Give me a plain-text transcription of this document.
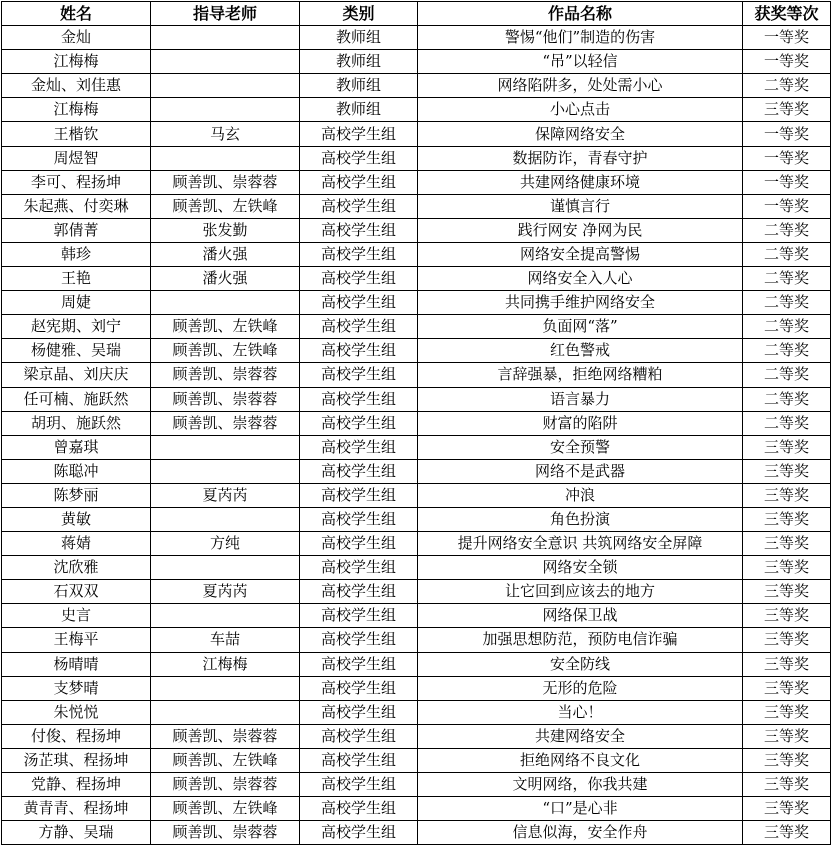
姓名	指导老师	类别	作品名称	获奖等次
金灿		教师组	警惕“他们”制造的伤害	一等奖
江梅梅		教师组	“吊”以轻信	一等奖
金灿、刘佳惠		教师组	网络陷阱多，处处需小心	二等奖
江梅梅		教师组	小心点击	三等奖
王楷钦	马玄	高校学生组	保障网络安全	一等奖
周煜智		高校学生组	数据防诈，青春守护	一等奖
李可、程扬坤	顾善凯、崇蓉蓉	高校学生组	共建网络健康环境	一等奖
朱起燕、付奕琳	顾善凯、左铁峰	高校学生组	谨慎言行	一等奖
郭倩菁	张发勤	高校学生组	践行网安 净网为民	二等奖
韩珍	潘火强	高校学生组	网络安全提高警惕	二等奖
王艳	潘火强	高校学生组	网络安全入人心	二等奖
周婕		高校学生组	共同携手维护网络安全	二等奖
赵宪期、刘宁	顾善凯、左铁峰	高校学生组	负面网“落”	二等奖
杨健雅、吴瑞	顾善凯、左铁峰	高校学生组	红色警戒	二等奖
梁京晶、刘庆庆	顾善凯、崇蓉蓉	高校学生组	言辞强暴，拒绝网络糟粕	二等奖
任可楠、施跃然	顾善凯、崇蓉蓉	高校学生组	语言暴力	二等奖
胡玥、施跃然	顾善凯、崇蓉蓉	高校学生组	财富的陷阱	二等奖
曾嘉琪		高校学生组	安全预警	三等奖
陈聪冲		高校学生组	网络不是武器	三等奖
陈梦丽	夏芮芮	高校学生组	冲浪	三等奖
黄敏		高校学生组	角色扮演	三等奖
蒋婧	方纯	高校学生组	提升网络安全意识 共筑网络安全屏障	三等奖
沈欣雅		高校学生组	网络安全锁	三等奖
石双双	夏芮芮	高校学生组	让它回到应该去的地方	三等奖
史言		高校学生组	网络保卫战	三等奖
王梅平	车喆	高校学生组	加强思想防范，预防电信诈骗	三等奖
杨晴晴	江梅梅	高校学生组	安全防线	三等奖
支梦晴		高校学生组	无形的危险	三等奖
朱悦悦		高校学生组	当心！	三等奖
付俊、程扬坤	顾善凯、崇蓉蓉	高校学生组	共建网络安全	三等奖
汤芷琪、程扬坤	顾善凯、左铁峰	高校学生组	拒绝网络不良文化	三等奖
党静、程扬坤	顾善凯、崇蓉蓉	高校学生组	文明网络，你我共建	三等奖
黄青青、程扬坤	顾善凯、左铁峰	高校学生组	“口”是心非	三等奖
方静、吴瑞	顾善凯、崇蓉蓉	高校学生组	信息似海，安全作舟	三等奖
